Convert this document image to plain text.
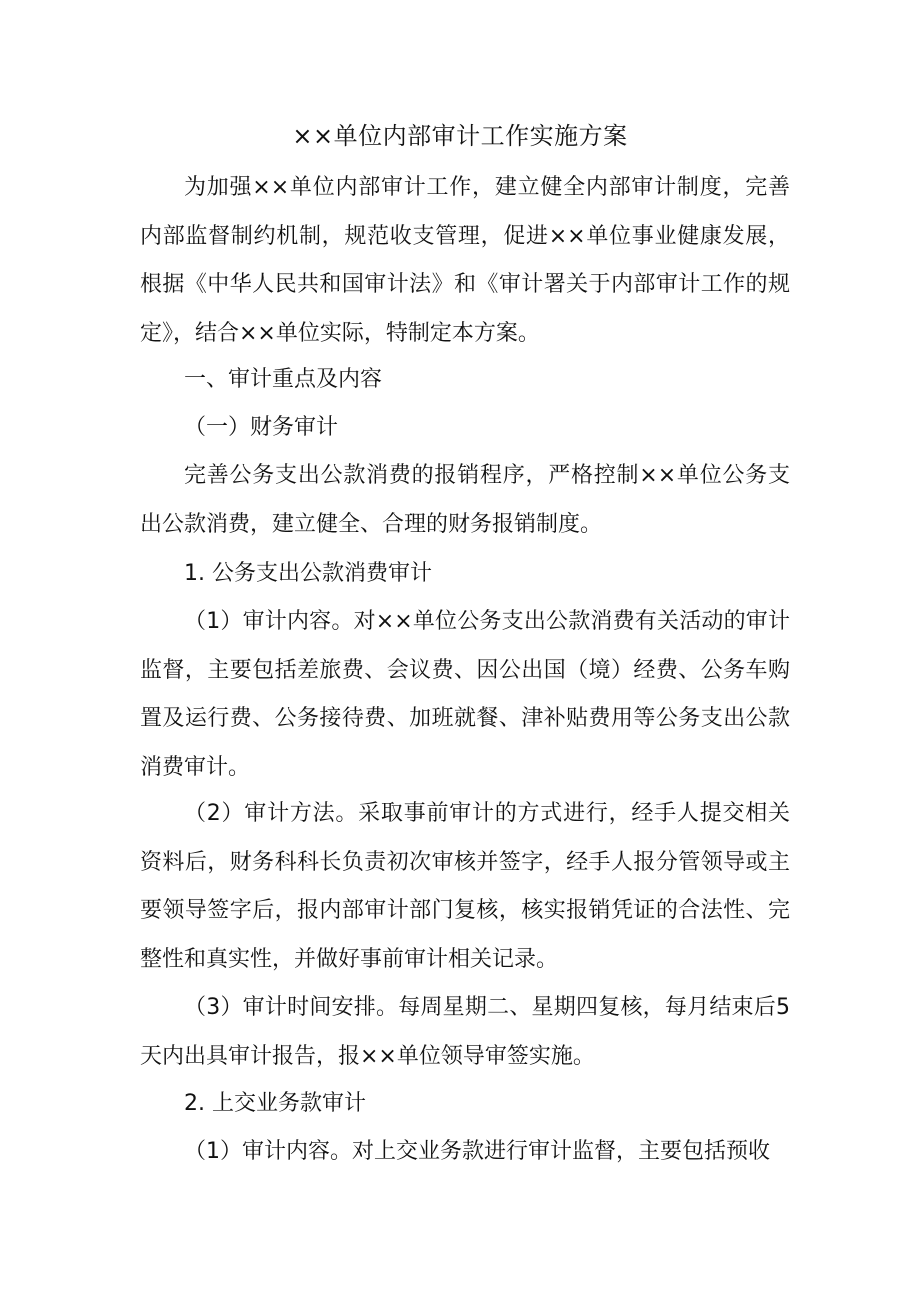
××单位内部审计工作实施方案

为加强××单位内部审计工作，建立健全内部审计制度，完善内部监督制约机制，规范收支管理，促进××单位事业健康发展，根据《中华人民共和国审计法》和《审计署关于内部审计工作的规定》，结合××单位实际，特制定本方案。

一、审计重点及内容

（一）财务审计

完善公务支出公款消费的报销程序，严格控制××单位公务支出公款消费，建立健全、合理的财务报销制度。

1. 公务支出公款消费审计

（1）审计内容。对××单位公务支出公款消费有关活动的审计监督，主要包括差旅费、会议费、因公出国（境）经费、公务车购置及运行费、公务接待费、加班就餐、津补贴费用等公务支出公款消费审计。

（2）审计方法。采取事前审计的方式进行，经手人提交相关资料后，财务科科长负责初次审核并签字，经手人报分管领导或主要领导签字后，报内部审计部门复核，核实报销凭证的合法性、完整性和真实性，并做好事前审计相关记录。

（3）审计时间安排。每周星期二、星期四复核，每月结束后5天内出具审计报告，报××单位领导审签实施。

2. 上交业务款审计

（1）审计内容。对上交业务款进行审计监督，主要包括预收
